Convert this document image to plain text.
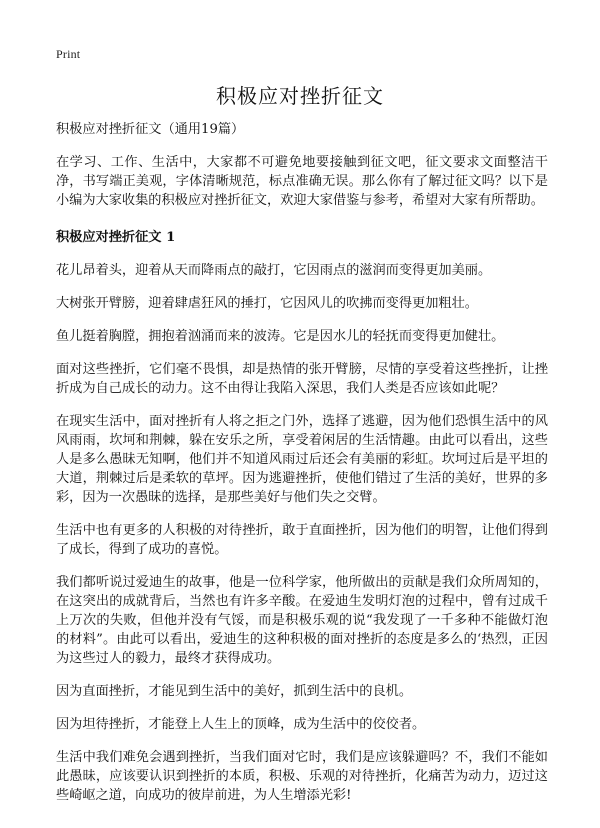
Print
积极应对挫折征文

积极应对挫折征文（通用19篇）

在学习、工作、生活中，大家都不可避免地要接触到征文吧，征文要求文面整洁干净，书写端正美观，字体清晰规范，标点准确无误。那么你有了解过征文吗？以下是小编为大家收集的积极应对挫折征文，欢迎大家借鉴与参考，希望对大家有所帮助。

积极应对挫折征文 1

花儿昂着头，迎着从天而降雨点的敲打，它因雨点的滋润而变得更加美丽。

大树张开臂膀，迎着肆虐狂风的捶打，它因风儿的吹拂而变得更加粗壮。

鱼儿挺着胸膛，拥抱着汹涌而来的波涛。它是因水儿的轻抚而变得更加健壮。

面对这些挫折，它们毫不畏惧，却是热情的张开臂膀，尽情的享受着这些挫折，让挫折成为自己成长的动力。这不由得让我陷入深思，我们人类是否应该如此呢？

在现实生活中，面对挫折有人将之拒之门外，选择了逃避，因为他们恐惧生活中的风风雨雨，坎坷和荆棘，躲在安乐之所，享受着闲居的生活情趣。由此可以看出，这些人是多么愚昧无知啊，他们并不知道风雨过后还会有美丽的彩虹。坎坷过后是平坦的大道，荆棘过后是柔软的草坪。因为逃避挫折，使他们错过了生活的美好，世界的多彩，因为一次愚昧的选择，是那些美好与他们失之交臂。

生活中也有更多的人积极的对待挫折，敢于直面挫折，因为他们的明智，让他们得到了成长，得到了成功的喜悦。

我们都听说过爱迪生的故事，他是一位科学家，他所做出的贡献是我们众所周知的，在这突出的成就背后，当然也有许多辛酸。在爱迪生发明灯泡的过程中，曾有过成千上万次的失败，但他并没有气馁，而是积极乐观的说“我发现了一千多种不能做灯泡的材料”。由此可以看出，爱迪生的这种积极的面对挫折的态度是多么的‘热烈，正因为这些过人的毅力，最终才获得成功。

因为直面挫折，才能见到生活中的美好，抓到生活中的良机。

因为坦待挫折，才能登上人生上的顶峰，成为生活中的佼佼者。

生活中我们难免会遇到挫折，当我们面对它时，我们是应该躲避吗？不，我们不能如此愚昧，应该要认识到挫折的本质，积极、乐观的对待挫折，化痛苦为动力，迈过这些崎岖之道，向成功的彼岸前进，为人生增添光彩!
